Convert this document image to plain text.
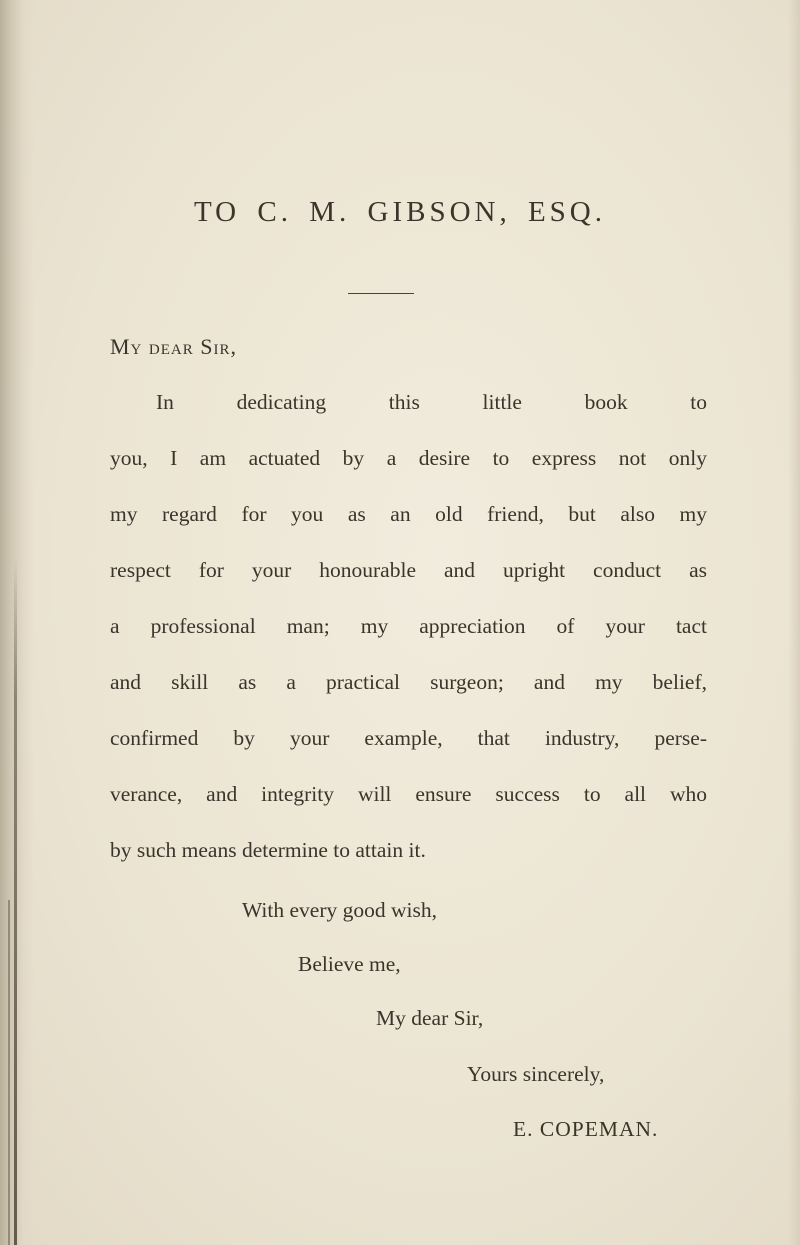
TO C. M. GIBSON, ESQ.
My dear Sir,
In dedicating this little book to
you, I am actuated by a desire to express not only
my regard for you as an old friend, but also my
respect for your honourable and upright conduct as
a professional man; my appreciation of your tact
and skill as a practical surgeon; and my belief,
confirmed by your example, that industry, perse-
verance, and integrity will ensure success to all who
by such means determine to attain it.
With every good wish,
Believe me,
My dear Sir,
Yours sincerely,
E. COPEMAN.
